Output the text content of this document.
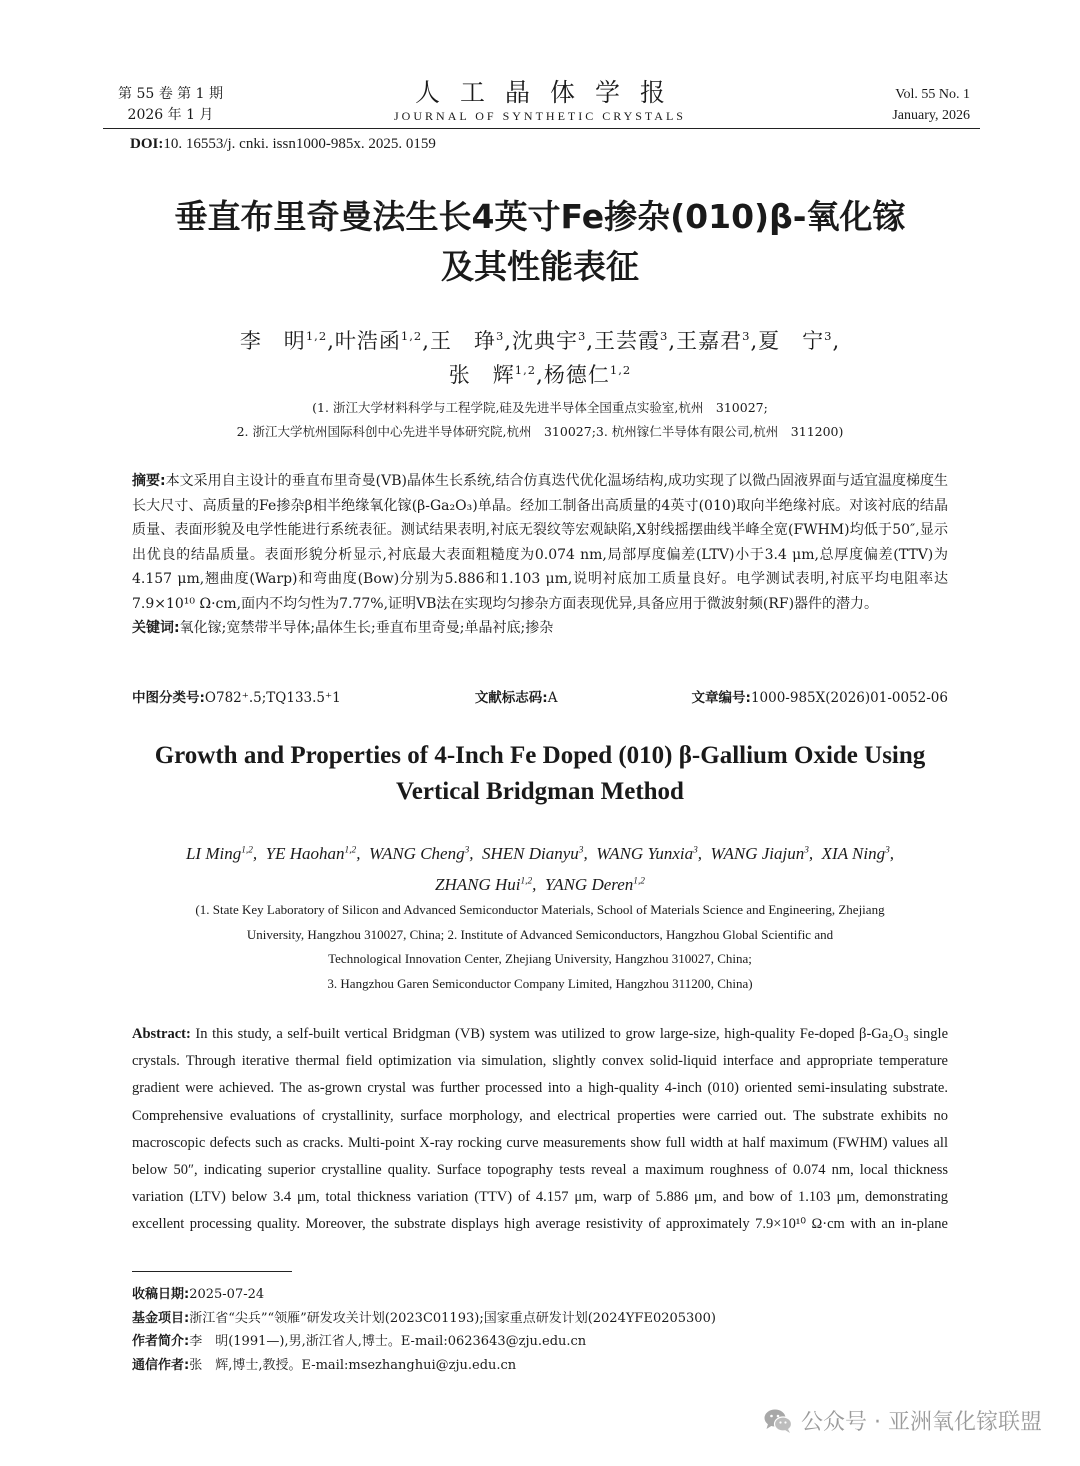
第 55 卷 第 1 期
2026 年 1 月
人工晶体学报
JOURNAL OF SYNTHETIC CRYSTALS
Vol. 55 No. 1
January, 2026
DOI:10. 16553/j. cnki. issn1000-985x. 2025. 0159
垂直布里奇曼法生长4英寸Fe掺杂(010)β-氧化镓
及其性能表征
李　明$^{1,2}$,叶浩函$^{1,2}$,王　琤$^3$,沈典宇$^3$,王芸霞$^3$,王嘉君$^3$,夏　宁$^3$,
张　辉$^{1,2}$,杨德仁$^{1,2}$
(1. 浙江大学材料科学与工程学院,硅及先进半导体全国重点实验室,杭州　310027;
2. 浙江大学杭州国际科创中心先进半导体研究院,杭州　310027;3. 杭州镓仁半导体有限公司,杭州　311200)
摘要:本文采用自主设计的垂直布里奇曼(VB)晶体生长系统,结合仿真迭代优化温场结构,成功实现了以微凸固液界面与适宜温度梯度生长大尺寸、高质量的Fe掺杂β相半绝缘氧化镓(β-Ga₂O₃)单晶。经加工制备出高质量的4英寸(010)取向半绝缘衬底。对该衬底的结晶质量、表面形貌及电学性能进行系统表征。测试结果表明,衬底无裂纹等宏观缺陷,X射线摇摆曲线半峰全宽(FWHM)均低于50″,显示出优良的结晶质量。表面形貌分析显示,衬底最大表面粗糙度为0.074 nm,局部厚度偏差(LTV)小于3.4 μm,总厚度偏差(TTV)为4.157 μm,翘曲度(Warp)和弯曲度(Bow)分别为5.886和1.103 μm,说明衬底加工质量良好。电学测试表明,衬底平均电阻率达7.9×10¹⁰ Ω·cm,面内不均匀性为7.77%,证明VB法在实现均匀掺杂方面表现优异,具备应用于微波射频(RF)器件的潜力。
关键词:氧化镓;宽禁带半导体;晶体生长;垂直布里奇曼;单晶衬底;掺杂
中图分类号:O782⁺.5;TQ133.5⁺1	文献标志码:A	文章编号:1000-985X(2026)01-0052-06
Growth and Properties of 4-Inch Fe Doped (010) β-Gallium Oxide Using
Vertical Bridgman Method
LI Ming$^{1,2}$,  YE Haohan$^{1,2}$,  WANG Cheng$^3$,  SHEN Dianyu$^3$,  WANG Yunxia$^3$,  WANG Jiajun$^3$,  XIA Ning$^3$,
ZHANG Hui$^{1,2}$,  YANG Deren$^{1,2}$
(1. State Key Laboratory of Silicon and Advanced Semiconductor Materials, School of Materials Science and Engineering, Zhejiang
University, Hangzhou 310027, China; 2. Institute of Advanced Semiconductors, Hangzhou Global Scientific and
Technological Innovation Center, Zhejiang University, Hangzhou 310027, China;
3. Hangzhou Garen Semiconductor Company Limited, Hangzhou 311200, China)
Abstract: In this study, a self-built vertical Bridgman (VB) system was utilized to grow large-size, high-quality Fe-doped β-Ga₂O₃ single crystals. Through iterative thermal field optimization via simulation, slightly convex solid-liquid interface and appropriate temperature gradient were achieved. The as-grown crystal was further processed into a high-quality 4-inch (010) oriented semi-insulating substrate. Comprehensive evaluations of crystallinity, surface morphology, and electrical properties were carried out. The substrate exhibits no macroscopic defects such as cracks. Multi-point X-ray rocking curve measurements show full width at half maximum (FWHM) values all below 50″, indicating superior crystalline quality. Surface topography tests reveal a maximum roughness of 0.074 nm, local thickness variation (LTV) below 3.4 μm, total thickness variation (TTV) of 4.157 μm, warp of 5.886 μm, and bow of 1.103 μm, demonstrating excellent processing quality. Moreover, the substrate displays high average resistivity of approximately 7.9×10¹⁰ Ω·cm with an in-plane
收稿日期:2025-07-24
基金项目:浙江省“尖兵”“领雁”研发攻关计划(2023C01193);国家重点研发计划(2024YFE0205300)
作者简介:李　明(1991—),男,浙江省人,博士。E-mail:0623643@zju.edu.cn
通信作者:张　辉,博士,教授。E-mail:msezhanghui@zju.edu.cn
公众号 · 亚洲氧化镓联盟
